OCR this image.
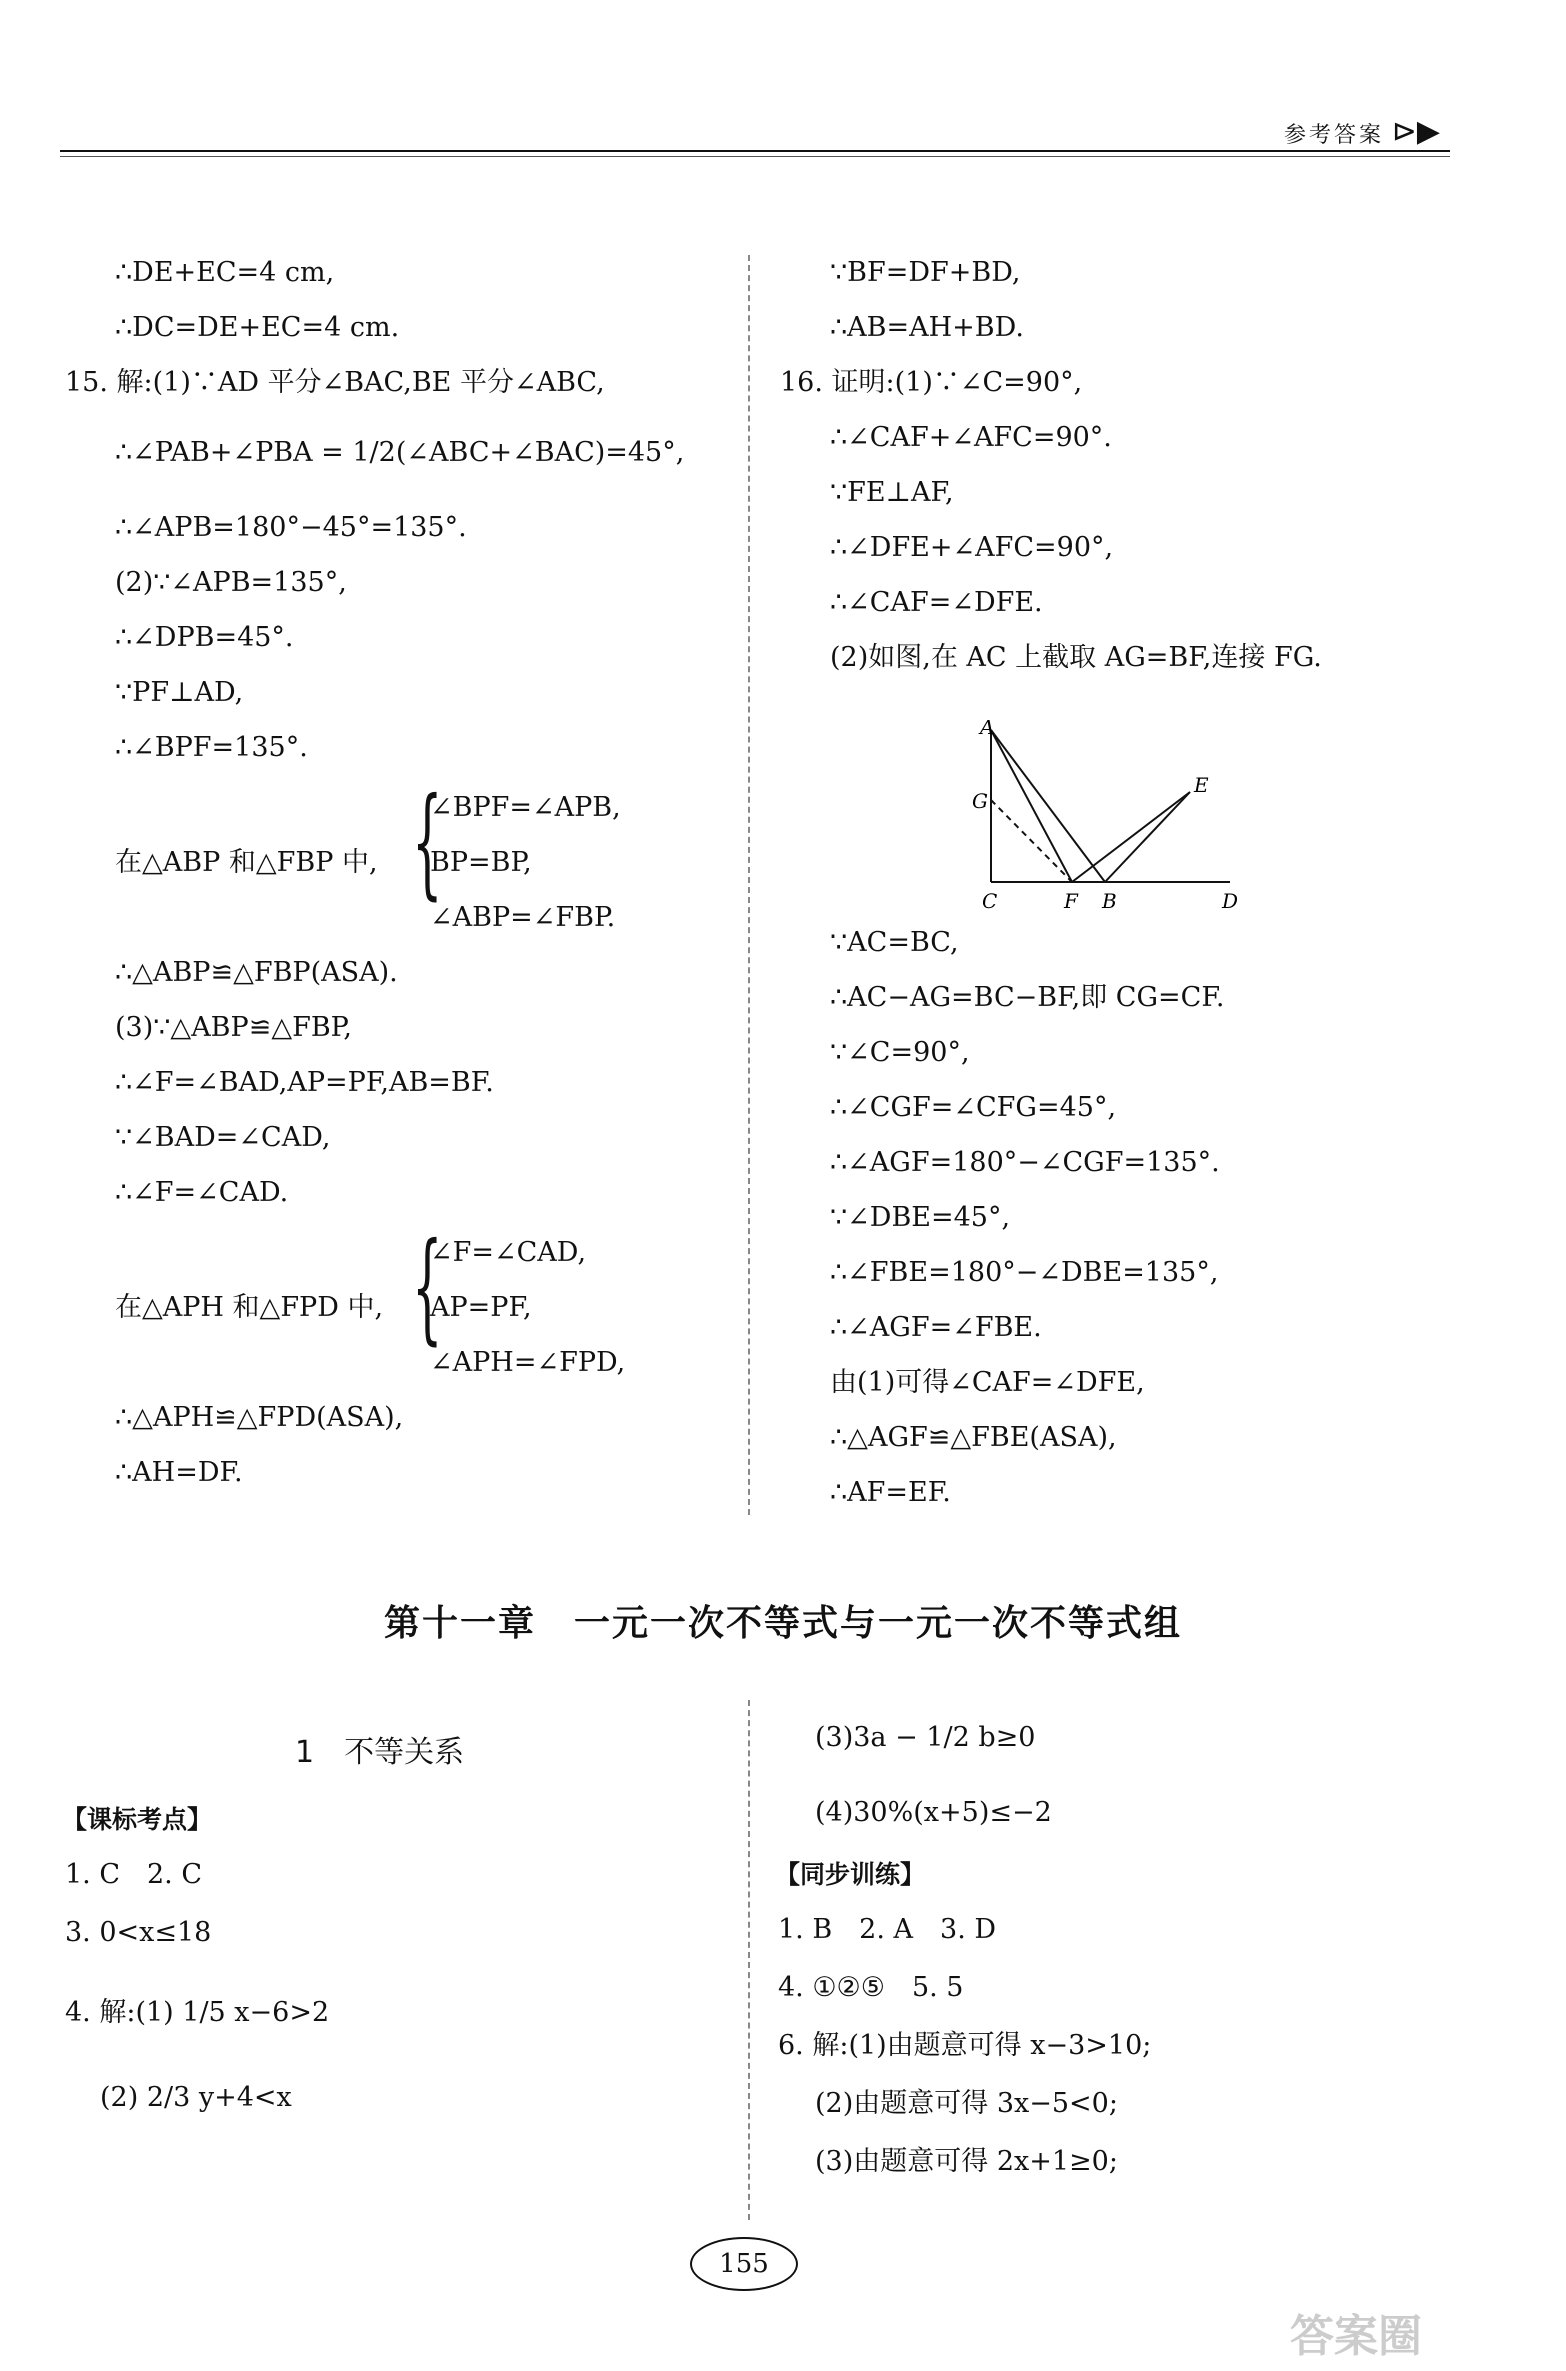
参考答案 ⊳▶
∴DE+EC=4 cm,
∴DC=DE+EC=4 cm.
15. 解:(1)∵AD 平分∠BAC,BE 平分∠ABC,
∴∠PAB+∠PBA = 1/2(∠ABC+∠BAC)=45°,
∴∠APB=180°−45°=135°.
(2)∵∠APB=135°,
∴∠DPB=45°.
∵PF⊥AD,
∴∠BPF=135°.
∠BPF=∠APB,
在△ABP 和△FBP 中, {
BP=BP,
∠ABP=∠FBP.
∴△ABP≌△FBP(ASA).
(3)∵△ABP≌△FBP,
∴∠F=∠BAD,AP=PF,AB=BF.
∵∠BAD=∠CAD,
∴∠F=∠CAD.
∠F=∠CAD,
在△APH 和△FPD 中, {
AP=PF,
∠APH=∠FPD,
∴△APH≌△FPD(ASA),
∴AH=DF.
∵BF=DF+BD,
∴AB=AH+BD.
16. 证明:(1)∵∠C=90°,
∴∠CAF+∠AFC=90°.
∵FE⊥AF,
∴∠DFE+∠AFC=90°,
∴∠CAF=∠DFE.
(2)如图,在 AC 上截取 AG=BF,连接 FG.
A
G
E
C	F B	D
∵AC=BC,
∴AC−AG=BC−BF,即 CG=CF.
∵∠C=90°,
∴∠CGF=∠CFG=45°,
∴∠AGF=180°−∠CGF=135°.
∵∠DBE=45°,
∴∠FBE=180°−∠DBE=135°,
∴∠AGF=∠FBE.
由(1)可得∠CAF=∠DFE,
∴△AGF≌△FBE(ASA),
∴AF=EF.
第十一章　一元一次不等式与一元一次不等式组
1　不等关系
【课标考点】
1. C　2. C
3. 0<x≤18
4. 解:(1) 1/5 x−6>2
(2) 2/3 y+4<x
(3)3a − 1/2 b≥0
(4)30%(x+5)≤−2
【同步训练】
1. B　2. A　3. D
4. ①②⑤　5. 5
6. 解:(1)由题意可得 x−3>10;
(2)由题意可得 3x−5<0;
(3)由题意可得 2x+1≥0;
155
答案圈
